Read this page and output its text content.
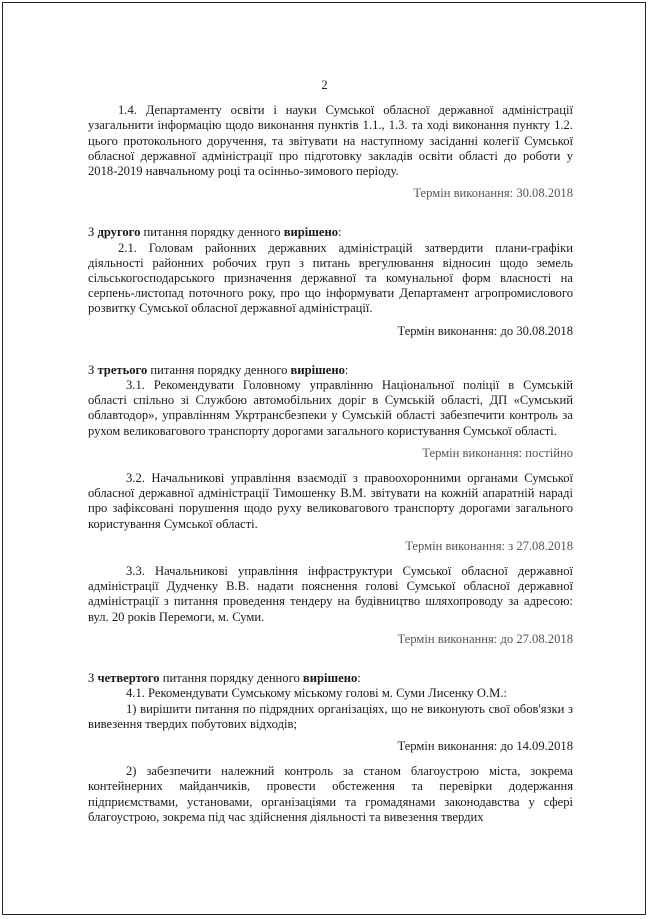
2

1.4. Департаменту освіти і науки Сумської обласної державної адміністрації узагальнити інформацію щодо виконання пунктів 1.1., 1.3. та ході виконання пункту 1.2. цього протокольного доручення, та звітувати на наступному засіданні колегії Сумської обласної державної адміністрації про підготовку закладів освіти області до роботи у 2018-2019 навчальному році та осінньо-зимового періоду.

Термін виконання: 30.08.2018

З другого питання порядку денного вирішено:

2.1. Головам районних державних адміністрацій затвердити плани-графіки діяльності районних робочих груп з питань врегулювання відносин щодо земель сільськогосподарського призначення державної та комунальної форм власності на серпень-листопад поточного року, про що інформувати Департамент агропромислового розвитку Сумської обласної державної адміністрації.

Термін виконання: до 30.08.2018

З третього питання порядку денного вирішено:

3.1. Рекомендувати Головному управлінню Національної поліції в Сумській області спільно зі Службою автомобільних доріг в Сумській області, ДП «Сумський облавтодор», управлінням Укртрансбезпеки у Сумській області забезпечити контроль за рухом великовагового транспорту дорогами загального користування Сумської області.

Термін виконання: постійно

3.2. Начальникові управління взаємодії з правоохоронними органами Сумської обласної державної адміністрації Тимошенку В.М. звітувати на кожній апаратній нараді про зафіксовані порушення щодо руху великовагового транспорту дорогами загального користування Сумської області.

Термін виконання: з 27.08.2018

3.3. Начальникові управління інфраструктури Сумської обласної державної адміністрації Дудченку В.В. надати пояснення голові Сумської обласної державної адміністрації з питання проведення тендеру на будівництво шляхопроводу за адресою: вул. 20 років Перемоги, м. Суми.

Термін виконання: до 27.08.2018

З четвертого питання порядку денного вирішено:

4.1. Рекомендувати Сумському міському голові м. Суми Лисенку О.М.:

1) вирішити питання по підрядних організаціях, що не виконують свої обов'язки з вивезення твердих побутових відходів;

Термін виконання: до 14.09.2018

2) забезпечити належний контроль за станом благоустрою міста, зокрема контейнерних майданчиків, провести обстеження та перевірки додержання підприємствами, установами, організаціями та громадянами законодавства у сфері благоустрою, зокрема під час здійснення діяльності та вивезення твердих
